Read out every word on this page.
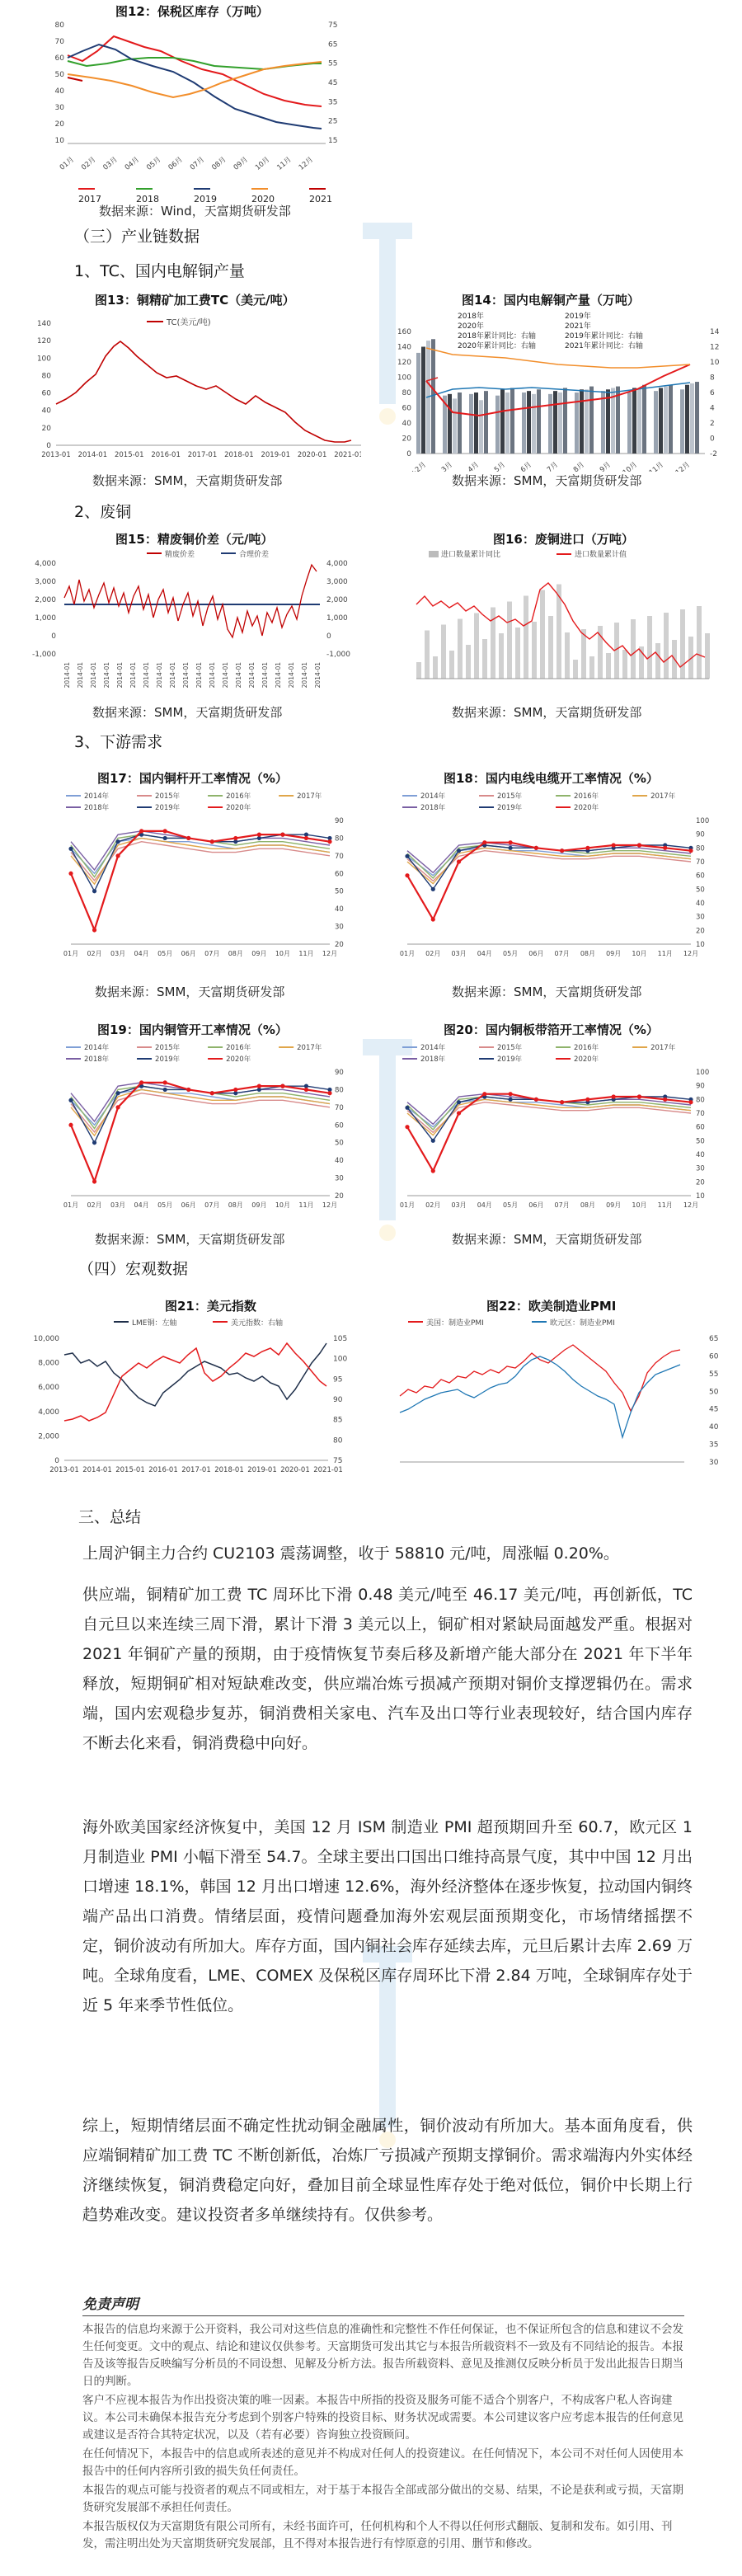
图12：保税区库存（万吨）
80
70
60
50
40
30
20
10
75
65
55
45
35
25
15
01月 02月 03月 04月 05月 06月 07月 08月 09月 10月 11月 12月
2017	2018	2019	2020	2021
数据来源：Wind，天富期货研发部
（三）产业链数据
1、TC、国内电解铜产量
图13：铜精矿加工费TC（美元/吨）
140
120
100
80
60
40
20
0
TC(美元/吨)
2013-01 2014-01 2015-01 2016-01 2017-01 2018-01 2019-01 2020-01 2021-01
数据来源：SMM，天富期货研发部
图14：国内电解铜产量（万吨）
160
140
120
100
80
60
40
20
0
14
12
10
8
6
4
2
0
-2
1+2月 3月 4月 5月 6月 7月 8月 9月 10月 11月 12月
2018年	2019年
2020年	2021年
2018年累计同比：右轴	2019年累计同比：右轴
2020年累计同比：右轴	2021年累计同比：右轴
数据来源：SMM，天富期货研发部
2、废铜
图15：精废铜价差（元/吨）
精废价差	合理价差
4,000
3,000
2,000
1,000
0
-1,000
4,000
3,000
2,000
1,000
0
-1,000
2014-01 2014-01 2014-01 2014-01 2014-01 2014-01 2014-01 2014-01 2014-01 2014-01 2014-01 2014-01 2014-01 2014-01 2014-01 2014-01 2014-01 2014-01 2014-01 2014-01
数据来源：SMM，天富期货研发部
图16：废铜进口（万吨）
进口数量累计同比	进口数量累计值
数据来源：SMM，天富期货研发部
3、下游需求
图17：国内铜杆开工率情况（%）
2014年	2015年	2016年	2017年
2018年	2019年	2020年
90
80
70
60
50
40
30
20
01月 02月 03月 04月 05月 06月 07月 08月 09月 10月 11月 12月
数据来源：SMM，天富期货研发部
图18：国内电线电缆开工率情况（%）
2014年	2015年	2016年	2017年
2018年	2019年	2020年
100
90
80
70
60
50
40
30
20
10
01月 02月 03月 04月 05月 06月 07月 08月 09月 10月 11月 12月
数据来源：SMM，天富期货研发部
图19：国内铜管开工率情况（%）
2014年	2015年	2016年	2017年
2018年	2019年	2020年
90
80
70
60
50
40
30
20
01月 02月 03月 04月 05月 06月 07月 08月 09月 10月 11月 12月
数据来源：SMM，天富期货研发部
图20：国内铜板带箔开工率情况（%）
2014年	2015年	2016年	2017年
2018年	2019年	2020年
100
90
80
70
60
50
40
30
20
10
01月 02月 03月 04月 05月 06月 07月 08月 09月 10月 11月 12月
数据来源：SMM，天富期货研发部
（四）宏观数据
图21：美元指数
LME铜：左轴	美元指数：右轴
10,000
8,000
6,000
4,000
2,000
0
105
100
95
90
85
80
75
2013-01 2014-01 2015-01 2016-01 2017-01 2018-01 2019-01 2020-01 2021-01
图22：欧美制造业PMI
美国：制造业PMI	欧元区：制造业PMI
65
60
55
50
45
40
35
30
三、总结

上周沪铜主力合约 CU2103 震荡调整，收于 58810 元/吨，周涨幅 0.20%。

供应端，铜精矿加工费 TC 周环比下滑 0.48 美元/吨至 46.17 美元/吨，再创新低，TC 自元旦以来连续三周下滑，累计下滑 3 美元以上，铜矿相对紧缺局面越发严重。根据对 2021 年铜矿产量的预期，由于疫情恢复节奏后移及新增产能大部分在 2021 年下半年释放，短期铜矿相对短缺难改变，供应端冶炼亏损减产预期对铜价支撑逻辑仍在。需求端，国内宏观稳步复苏，铜消费相关家电、汽车及出口等行业表现较好，结合国内库存不断去化来看，铜消费稳中向好。

海外欧美国家经济恢复中，美国 12 月 ISM 制造业 PMI 超预期回升至 60.7，欧元区 1 月制造业 PMI 小幅下滑至 54.7。全球主要出口国出口维持高景气度，其中中国 12 月出口增速 18.1%，韩国 12 月出口增速 12.6%，海外经济整体在逐步恢复，拉动国内铜终端产品出口消费。情绪层面，疫情问题叠加海外宏观层面预期变化，市场情绪摇摆不定，铜价波动有所加大。库存方面，国内铜社会库存延续去库，元旦后累计去库 2.69 万吨。全球角度看，LME、COMEX 及保税区库存周环比下滑 2.84 万吨，全球铜库存处于近 5 年来季节性低位。

综上，短期情绪层面不确定性扰动铜金融属性，铜价波动有所加大。基本面角度看，供应端铜精矿加工费 TC 不断创新低，冶炼厂亏损减产预期支撑铜价。需求端海内外实体经济继续恢复，铜消费稳定向好，叠加目前全球显性库存处于绝对低位，铜价中长期上行趋势难改变。建议投资者多单继续持有。仅供参考。

免责声明

本报告的信息均来源于公开资料，我公司对这些信息的准确性和完整性不作任何保证，也不保证所包含的信息和建议不会发生任何变更。文中的观点、结论和建议仅供参考。天富期货可发出其它与本报告所载资料不一致及有不同结论的报告。本报告及该等报告反映编写分析员的不同设想、见解及分析方法。报告所载资料、意见及推测仅反映分析员于发出此报告日期当日的判断。

客户不应视本报告为作出投资决策的唯一因素。本报告中所指的投资及服务可能不适合个别客户，不构成客户私人咨询建议。本公司未确保本报告充分考虑到个别客户特殊的投资目标、财务状况或需要。本公司建议客户应考虑本报告的任何意见或建议是否符合其特定状况，以及（若有必要）咨询独立投资顾问。

在任何情况下，本报告中的信息或所表述的意见并不构成对任何人的投资建议。在任何情况下，本公司不对任何人因使用本报告中的任何内容所引致的损失负任何责任。

本报告的观点可能与投资者的观点不同或相左，对于基于本报告全部或部分做出的交易、结果，不论是获利或亏损，天富期货研究发展部不承担任何责任。

本报告版权仅为天富期货有限公司所有，未经书面许可，任何机构和个人不得以任何形式翻版、复制和发布。如引用、刊发，需注明出处为天富期货研究发展部，且不得对本报告进行有悖原意的引用、删节和修改。
